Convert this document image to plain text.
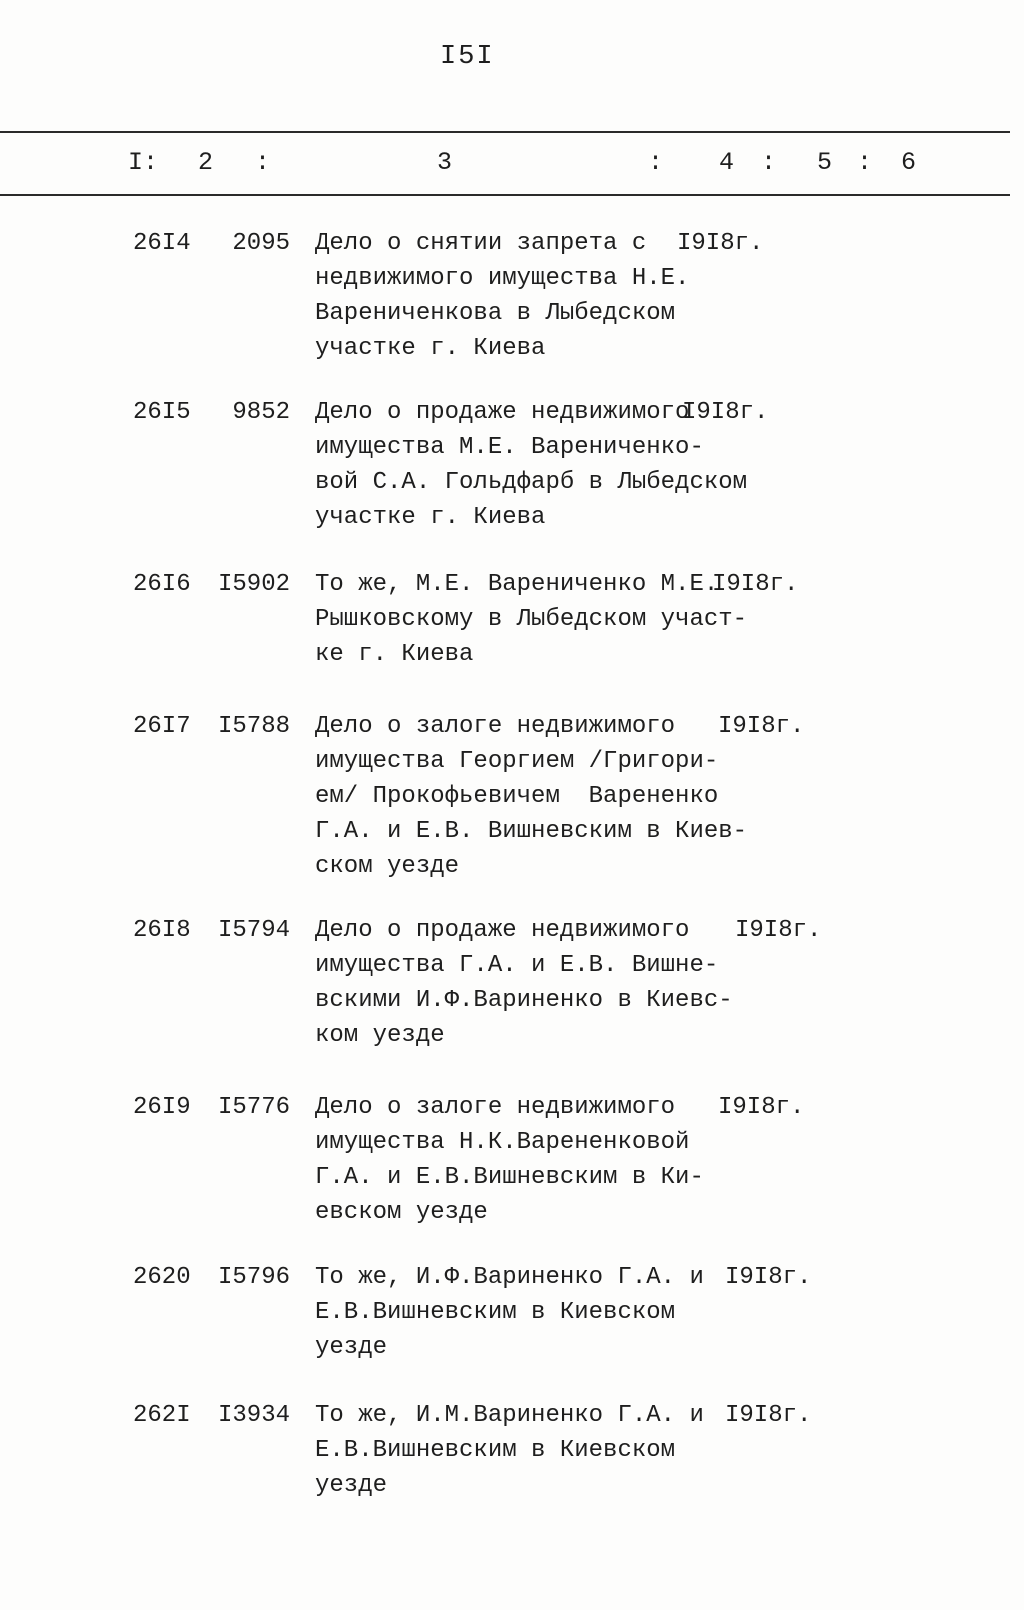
I5I
I: 2 :	3	: 4 : 5 : 6
26I4	2095 Дело о снятии запрета с
недвижимого имущества Н.Е.
Варениченкова в Лыбедском
участке г. Киева
I9I8г.
26I5	9852 Дело о продаже недвижимого
имущества М.Е. Варениченко-
вой С.А. Гольдфарб в Лыбедском
участке г. Киева
I9I8г.
26I6	I5902 То же, М.Е. Варениченко М.Е.
Рышковскому в Лыбедском участ-
ке г. Киева
I9I8г.
26I7	I5788 Дело о залоге недвижимого
имущества Георгием /Григори-
ем/ Прокофьевичем  Варененко
Г.А. и Е.В. Вишневским в Киев-
ском уезде
I9I8г.
26I8	I5794 Дело о продаже недвижимого
имущества Г.А. и Е.В. Вишне-
вскими И.Ф.Вариненко в Киевс-
ком уезде
I9I8г.
26I9	I5776 Дело о залоге недвижимого
имущества Н.К.Варененковой
Г.А. и Е.В.Вишневским в Ки-
евском уезде
I9I8г.
2620	I5796 То же, И.Ф.Вариненко Г.А. и
Е.В.Вишневским в Киевском
уезде
I9I8г.
262I	I3934 То же, И.М.Вариненко Г.А. и
Е.В.Вишневским в Киевском
уезде
I9I8г.
